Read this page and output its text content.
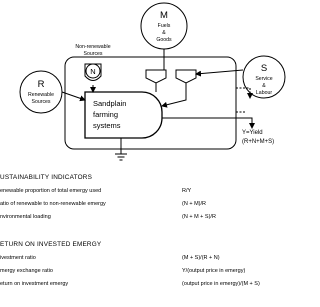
M
Fuels
&
Goods
Non-renewable
Sources
N
R
Renewable
Sources
S
Service
&
Labour
Sandplain
farming
systems
Y=Yield
(R+N+M+S)
USTAINABILITY INDICATORS
enewable proportion of total emergy used	R/Y
atio of renewable to non-renewable emergy	(N + M)/R
nvironmental loading	(N + M + S)/R
ETURN ON INVESTED EMERGY
ivestment ratio	(M + S)/(R + N)
mergy exchange ratio	Y/(output price in emergy)
eturn on investment emergy	(output price in emergy)/(M + S)
